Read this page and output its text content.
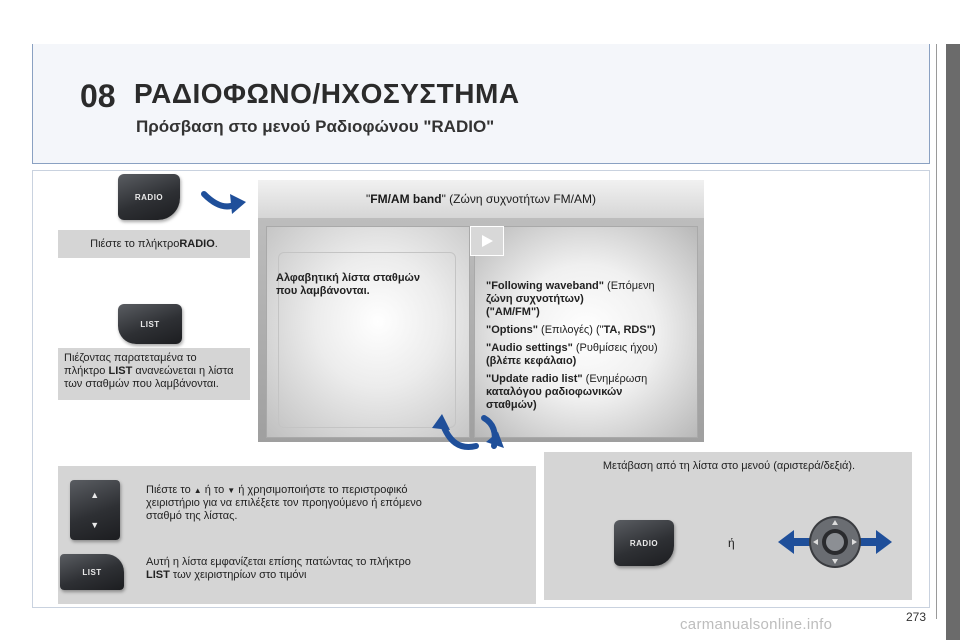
08 ΡΑΔΙΟΦΩΝΟ/ΗΧΟΣΥΣΤΗΜΑ
Πρόσβαση στο μενού Ραδιοφώνου "RADIO"
RADIO
Πιέστε το πλήκτρο RADIO .
LIST
Πιέζοντας παρατεταμένα το
πλήκτρο LIST ανανεώνεται η λίστα
των σταθμών που λαμβάνονται.
" FM/AM band " (Ζώνη συχνοτήτων FM/AM)
Αλφαβητική λίστα σταθμών
που λαμβάνονται.	"Following waveband" (Επόμενη
ζώνη συχνοτήτων)
("AM/FM")
"Options" (Επιλογές) ("TA, RDS")
"Audio settings" (Ρυθμίσεις ήχου)
(βλέπε κεφάλαιο)
"Update radio list" (Ενημέρωση
καταλόγου ραδιοφωνικών
σταθμών)
▲
▼
Πιέστε το ▲ ή το ▼ ή χρησιμοποιήστε το περιστροφικό
χειριστήριο για να επιλέξετε τον προηγούμενο ή επόμενο
σταθμό της λίστας.
LIST
Αυτή η λίστα εμφανίζεται επίσης πατώντας το πλήκτρο
LIST των χειριστηρίων στο τιμόνι
Μετάβαση από τη λίστα στο μενού (αριστερά/δεξιά).
RADIO	ή
carmanualsonline.info	273
